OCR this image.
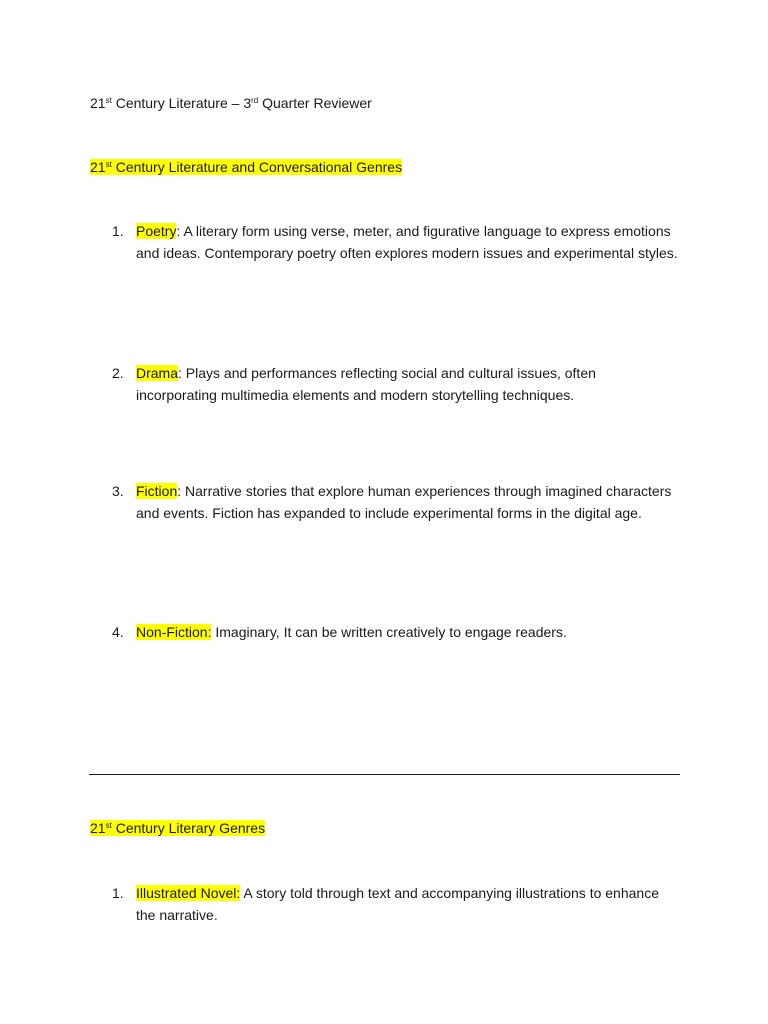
21st Century Literature – 3rd Quarter Reviewer
21st Century Literature and Conversational Genres
1. Poetry: A literary form using verse, meter, and figurative language to express emotions and ideas. Contemporary poetry often explores modern issues and experimental styles.
2. Drama: Plays and performances reflecting social and cultural issues, often incorporating multimedia elements and modern storytelling techniques.
3. Fiction: Narrative stories that explore human experiences through imagined characters and events. Fiction has expanded to include experimental forms in the digital age.
4. Non-Fiction: Imaginary, It can be written creatively to engage readers.
21st Century Literary Genres
1. Illustrated Novel: A story told through text and accompanying illustrations to enhance the narrative.
